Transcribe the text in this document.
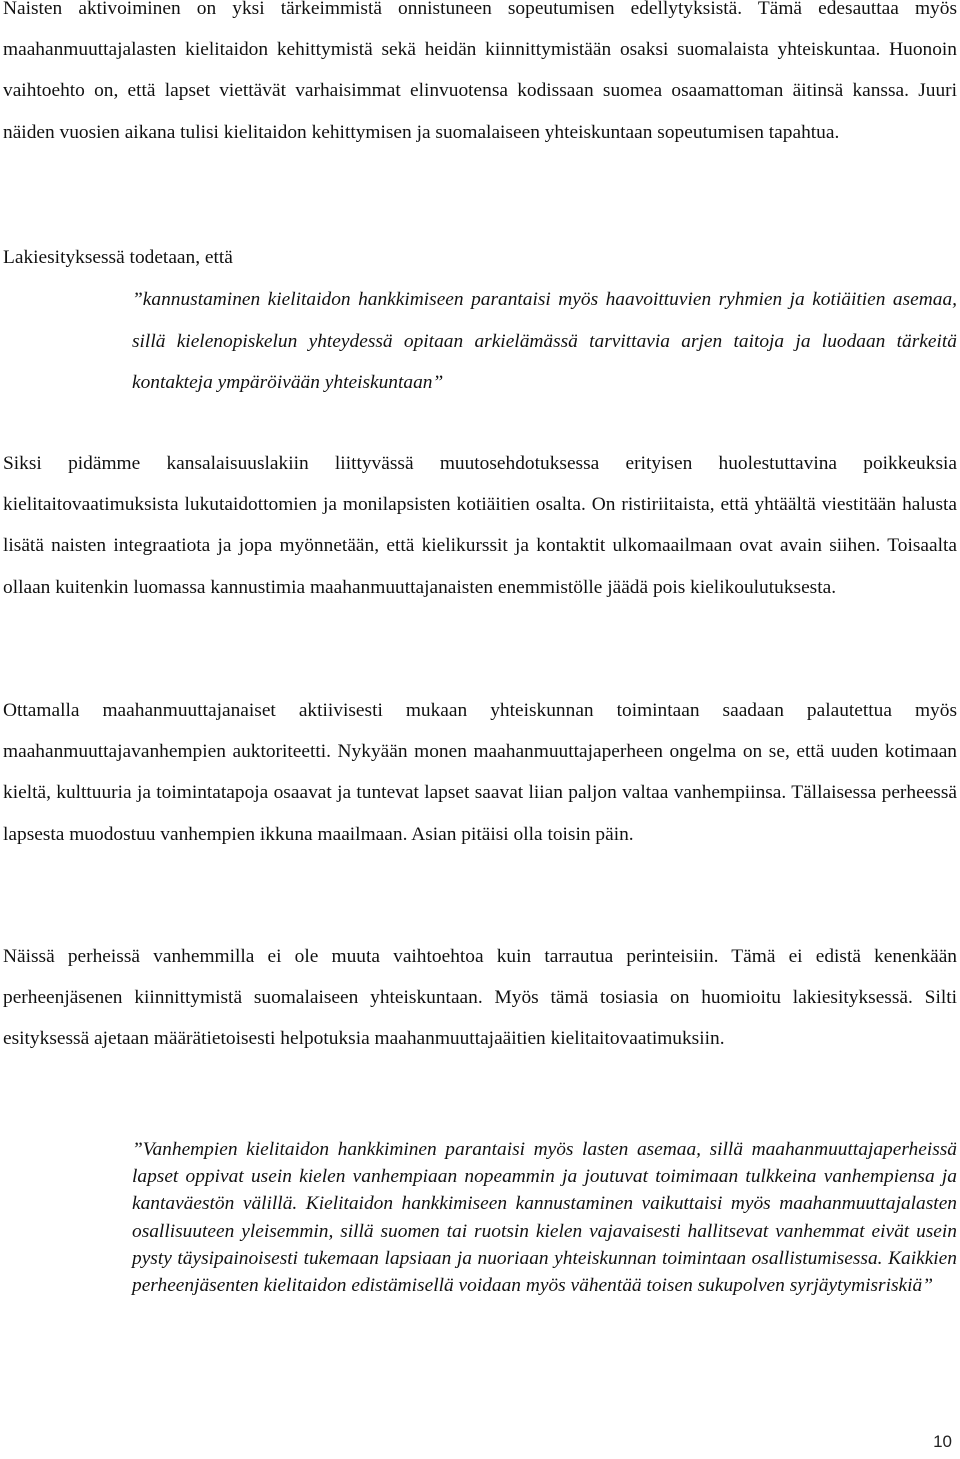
Naisten aktivoiminen on yksi tärkeimmistä onnistuneen sopeutumisen edellytyksistä. Tämä edesauttaa myös maahanmuuttajalasten kielitaidon kehittymistä sekä heidän kiinnittymistään osaksi suomalaista yhteiskuntaa. Huonoin vaihtoehto on, että lapset viettävät varhaisimmat elinvuotensa kodissaan suomea osaamattoman äitinsä kanssa. Juuri näiden vuosien aikana tulisi kielitaidon kehittymisen ja suomalaiseen yhteiskuntaan sopeutumisen tapahtua.

Lakiesityksessä todetaan, että

”kannustaminen kielitaidon hankkimiseen parantaisi myös haavoittuvien ryhmien ja kotiäitien asemaa, sillä kielenopiskelun yhteydessä opitaan arkielämässä tarvittavia arjen taitoja ja luodaan tärkeitä kontakteja ympäröivään yhteiskuntaan”

Siksi pidämme kansalaisuuslakiin liittyvässä muutosehdotuksessa erityisen huolestuttavina poikkeuksia kielitaitovaatimuksista lukutaidottomien ja monilapsisten kotiäitien osalta. On ristiriitaista, että yhtäältä viestitään halusta lisätä naisten integraatiota ja jopa myönnetään, että kielikurssit ja kontaktit ulkomaailmaan ovat avain siihen. Toisaalta ollaan kuitenkin luomassa kannustimia maahanmuuttajanaisten enemmistölle jäädä pois kielikoulutuksesta.

Ottamalla maahanmuuttajanaiset aktiivisesti mukaan yhteiskunnan toimintaan saadaan palautettua myös maahanmuuttajavanhempien auktoriteetti. Nykyään monen maahanmuuttajaperheen ongelma on se, että uuden kotimaan kieltä, kulttuuria ja toimintatapoja osaavat ja tuntevat lapset saavat liian paljon valtaa vanhempiinsa. Tällaisessa perheessä lapsesta muodostuu vanhempien ikkuna maailmaan. Asian pitäisi olla toisin päin.

Näissä perheissä vanhemmilla ei ole muuta vaihtoehtoa kuin tarrautua perinteisiin. Tämä ei edistä kenenkään perheenjäsenen kiinnittymistä suomalaiseen yhteiskuntaan. Myös tämä tosiasia on huomioitu lakiesityksessä. Silti esityksessä ajetaan määrätietoisesti helpotuksia maahanmuuttajaäitien kielitaitovaatimuksiin.

”Vanhempien kielitaidon hankkiminen parantaisi myös lasten asemaa, sillä maahanmuuttajaperheissä lapset oppivat usein kielen vanhempiaan nopeammin ja joutuvat toimimaan tulkkeina vanhempiensa ja kantaväestön välillä. Kielitaidon hankkimiseen kannustaminen vaikuttaisi myös maahanmuuttajalasten osallisuuteen yleisemmin, sillä suomen tai ruotsin kielen vajavaisesti hallitsevat vanhemmat eivät usein pysty täysipainoisesti tukemaan lapsiaan ja nuoriaan yhteiskunnan toimintaan osallistumisessa. Kaikkien perheenjäsenten kielitaidon edistämisellä voidaan myös vähentää toisen sukupolven syrjäytymisriskiä”

10
